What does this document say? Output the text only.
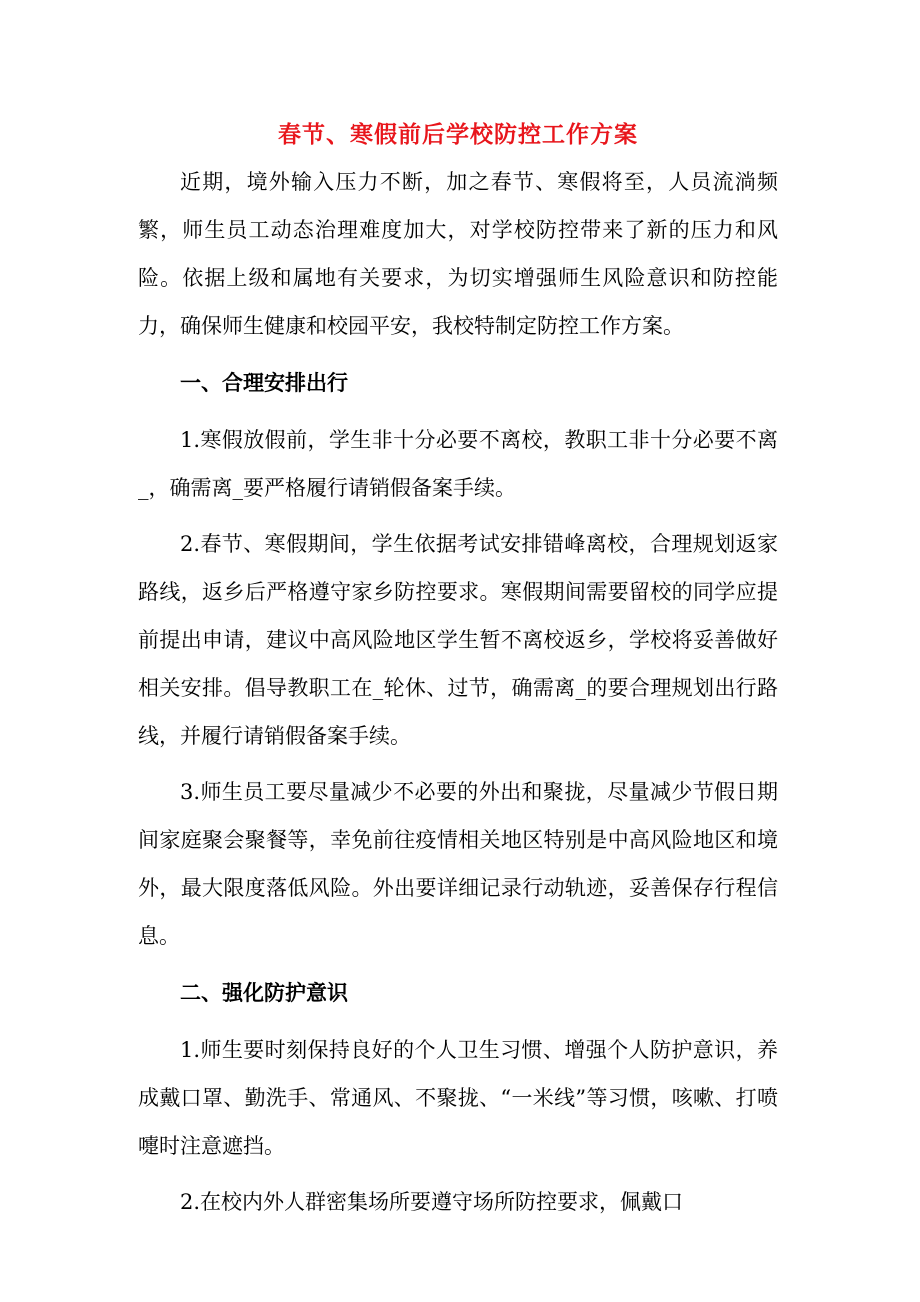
春节、寒假前后学校防控工作方案

近期，境外输入压力不断，加之春节、寒假将至，人员流淌频繁，师生员工动态治理难度加大，对学校防控带来了新的压力和风险。依据上级和属地有关要求，为切实增强师生风险意识和防控能力，确保师生健康和校园平安，我校特制定防控工作方案。

一、合理安排出行

1.寒假放假前，学生非十分必要不离校，教职工非十分必要不离_，确需离_要严格履行请销假备案手续。

2.春节、寒假期间，学生依据考试安排错峰离校，合理规划返家路线，返乡后严格遵守家乡防控要求。寒假期间需要留校的同学应提前提出申请，建议中高风险地区学生暂不离校返乡，学校将妥善做好相关安排。倡导教职工在_轮休、过节，确需离_的要合理规划出行路线，并履行请销假备案手续。

3.师生员工要尽量减少不必要的外出和聚拢，尽量减少节假日期间家庭聚会聚餐等，幸免前往疫情相关地区特别是中高风险地区和境外，最大限度落低风险。外出要详细记录行动轨迹，妥善保存行程信息。

二、强化防护意识

1.师生要时刻保持良好的个人卫生习惯、增强个人防护意识，养成戴口罩、勤洗手、常通风、不聚拢、“一米线”等习惯，咳嗽、打喷嚏时注意遮挡。

2.在校内外人群密集场所要遵守场所防控要求，佩戴口
